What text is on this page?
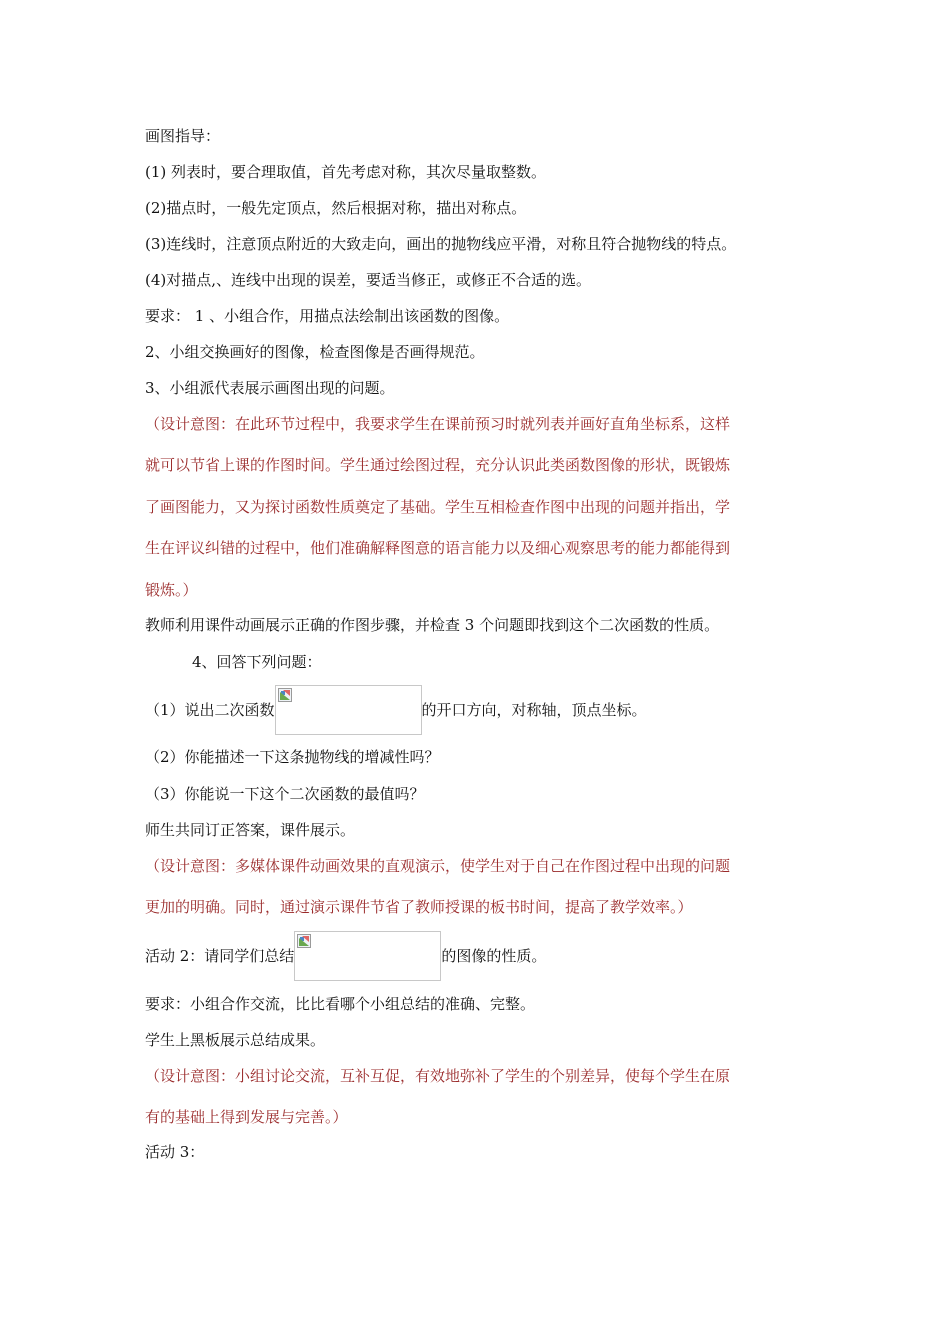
画图指导：
(1) 列表时，要合理取值，首先考虑对称，其次尽量取整数。
(2)描点时，一般先定顶点，然后根据对称，描出对称点。
(3)连线时，注意顶点附近的大致走向，画出的抛物线应平滑，对称且符合抛物线的特点。
(4)对描点,、连线中出现的误差，要适当修正，或修正不合适的选。
要求： 1 、小组合作，用描点法绘制出该函数的图像。
2、小组交换画好的图像，检查图像是否画得规范。
3、小组派代表展示画图出现的问题。
（设计意图：在此环节过程中，我要求学生在课前预习时就列表并画好直角坐标系，这样
就可以节省上课的作图时间。学生通过绘图过程，充分认识此类函数图像的形状，既锻炼
了画图能力，又为探讨函数性质奠定了基础。学生互相检查作图中出现的问题并指出，学
生在评议纠错的过程中，他们准确解释图意的语言能力以及细心观察思考的能力都能得到
锻炼。）
教师利用课件动画展示正确的作图步骤，并检查 3 个问题即找到这个二次函数的性质。
4、回答下列问题：
（1）说出二次函数	的开口方向，对称轴，顶点坐标。
（2）你能描述一下这条抛物线的增减性吗？
（3）你能说一下这个二次函数的最值吗？
师生共同订正答案，课件展示。
（设计意图：多媒体课件动画效果的直观演示，使学生对于自己在作图过程中出现的问题
更加的明确。同时，通过演示课件节省了教师授课的板书时间，提高了教学效率。）
活动 2：请同学们总结	的图像的性质。
要求：小组合作交流，比比看哪个小组总结的准确、完整。
学生上黑板展示总结成果。
（设计意图：小组讨论交流，互补互促，有效地弥补了学生的个别差异，使每个学生在原
有的基础上得到发展与完善。）
活动 3：
